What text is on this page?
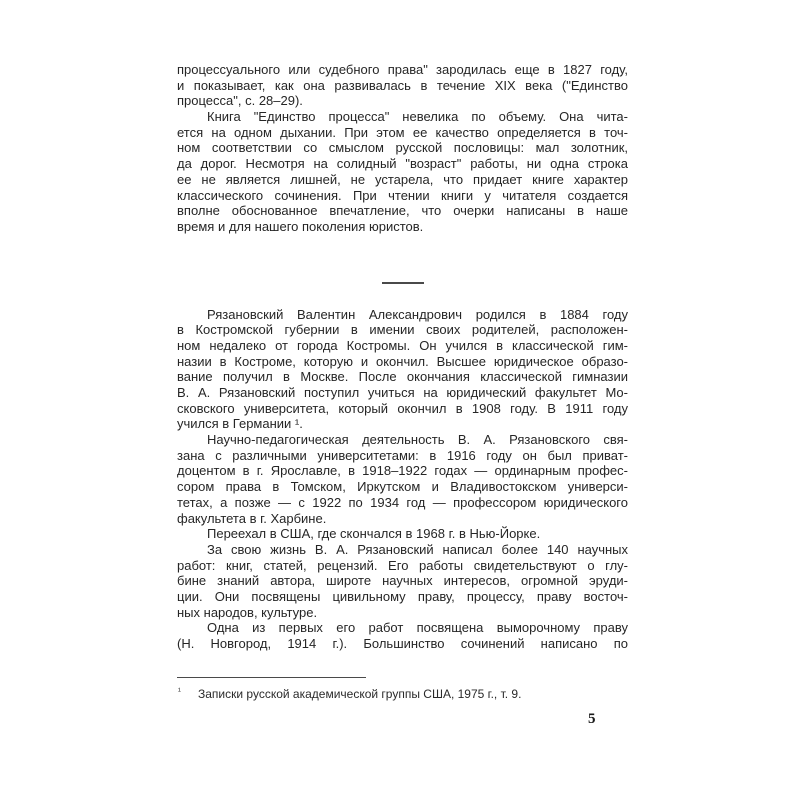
процессуального или судебного права" зародилась еще в 1827 году,
и показывает, как она развивалась в течение XIX века ("Единство
процесса", с. 28–29).
Книга "Единство процесса" невелика по объему. Она чита-
ется на одном дыхании. При этом ее качество определяется в точ-
ном соответствии со смыслом русской пословицы: мал золотник,
да дорог. Несмотря на солидный "возраст" работы, ни одна строка
ее не является лишней, не устарела, что придает книге характер
классического сочинения. При чтении книги у читателя создается
вполне обоснованное впечатление, что очерки написаны в наше
время и для нашего поколения юристов.
Рязановский Валентин Александрович родился в 1884 году
в Костромской губернии в имении своих родителей, расположен-
ном недалеко от города Костромы. Он учился в классической гим-
назии в Костроме, которую и окончил. Высшее юридическое образо-
вание получил в Москве. После окончания классической гимназии
В. А. Рязановский поступил учиться на юридический факультет Мо-
сковского университета, который окончил в 1908 году. В 1911 году
учился в Германии ¹.
Научно-педагогическая деятельность В. А. Рязановского свя-
зана с различными университетами: в 1916 году он был приват-
доцентом в г. Ярославле, в 1918–1922 годах — ординарным профес-
сором права в Томском, Иркутском и Владивостокском универси-
тетах, а позже — с 1922 по 1934 год — профессором юридического
факультета в г. Харбине.
Переехал в США, где скончался в 1968 г. в Нью-Йорке.
За свою жизнь В. А. Рязановский написал более 140 научных
работ: книг, статей, рецензий. Его работы свидетельствуют о глу-
бине знаний автора, широте научных интересов, огромной эруди-
ции. Они посвящены цивильному праву, процессу, праву восточ-
ных народов, культуре.
Одна из первых его работ посвящена выморочному праву
(Н. Новгород, 1914 г.). Большинство сочинений написано по
¹ Записки русской академической группы США, 1975 г., т. 9.
5
